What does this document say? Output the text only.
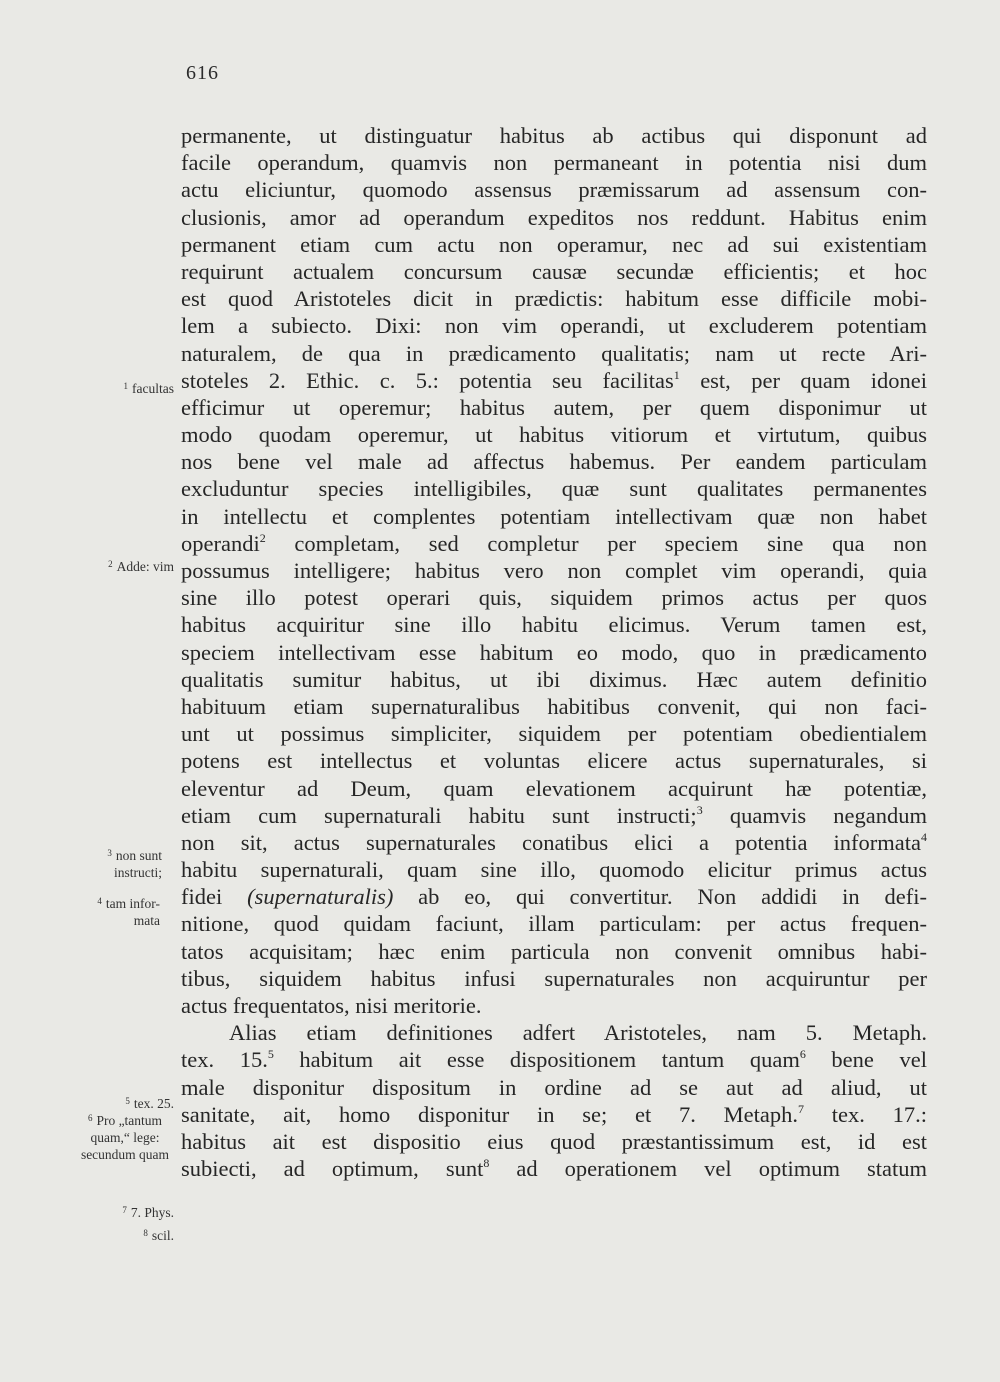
616
permanente, ut distinguatur habitus ab actibus qui disponunt ad
facile operandum, quamvis non permaneant in potentia nisi dum
actu eliciuntur, quomodo assensus præmissarum ad assensum con-
clusionis, amor ad operandum expeditos nos reddunt. Habitus enim
permanent etiam cum actu non operamur, nec ad sui existentiam
requirunt actualem concursum causæ secundæ efficientis; et hoc
est quod Aristoteles dicit in prædictis: habitum esse difficile mobi-
lem a subiecto. Dixi: non vim operandi, ut excluderem potentiam
naturalem, de qua in prædicamento qualitatis; nam ut recte Ari-
stoteles 2. Ethic. c. 5.: potentia seu facilitas$^1$ est, per quam idonei
efficimur ut operemur; habitus autem, per quem disponimur ut
modo quodam operemur, ut habitus vitiorum et virtutum, quibus
nos bene vel male ad affectus habemus. Per eandem particulam
excluduntur species intelligibiles, quæ sunt qualitates permanentes
in intellectu et complentes potentiam intellectivam quæ non habet
operandi$^2$ completam, sed completur per speciem sine qua non
possumus intelligere; habitus vero non complet vim operandi, quia
sine illo potest operari quis, siquidem primos actus per quos
habitus acquiritur sine illo habitu elicimus. Verum tamen est,
speciem intellectivam esse habitum eo modo, quo in prædicamento
qualitatis sumitur habitus, ut ibi diximus. Hæc autem definitio
habituum etiam supernaturalibus habitibus convenit, qui non faci-
unt ut possimus simpliciter, siquidem per potentiam obedientialem
potens est intellectus et voluntas elicere actus supernaturales, si
eleventur ad Deum, quam elevationem acquirunt hæ potentiæ,
etiam cum supernaturali habitu sunt instructi;$^3$ quamvis negandum
non sit, actus supernaturales conatibus elici a potentia informata$^4$
habitu supernaturali, quam sine illo, quomodo elicitur primus actus
fidei (supernaturalis) ab eo, qui convertitur. Non addidi in defi-
nitione, quod quidam faciunt, illam particulam: per actus frequen-
tatos acquisitam; hæc enim particula non convenit omnibus habi-
tibus, siquidem habitus infusi supernaturales non acquiruntur per
actus frequentatos, nisi meritorie.
Alias etiam definitiones adfert Aristoteles, nam 5. Metaph.
tex. 15.$^5$ habitum ait esse dispositionem tantum quam$^6$ bene vel
male disponitur dispositum in ordine ad se aut ad aliud, ut
sanitate, ait, homo disponitur in se; et 7. Metaph.$^7$ tex. 17.:
habitus ait est dispositio eius quod præstantissimum est, id est
subiecti, ad optimum, sunt$^8$ ad operationem vel optimum statum
$^1$ facultas
$^2$ Adde: vim
$^3$ non sunt instructi;
$^4$ tam infor-mata
$^5$ tex. 25.
$^6$ Pro „tantum quam,“ lege: secundum quam
$^7$ 7. Phys.
$^8$ scil.
